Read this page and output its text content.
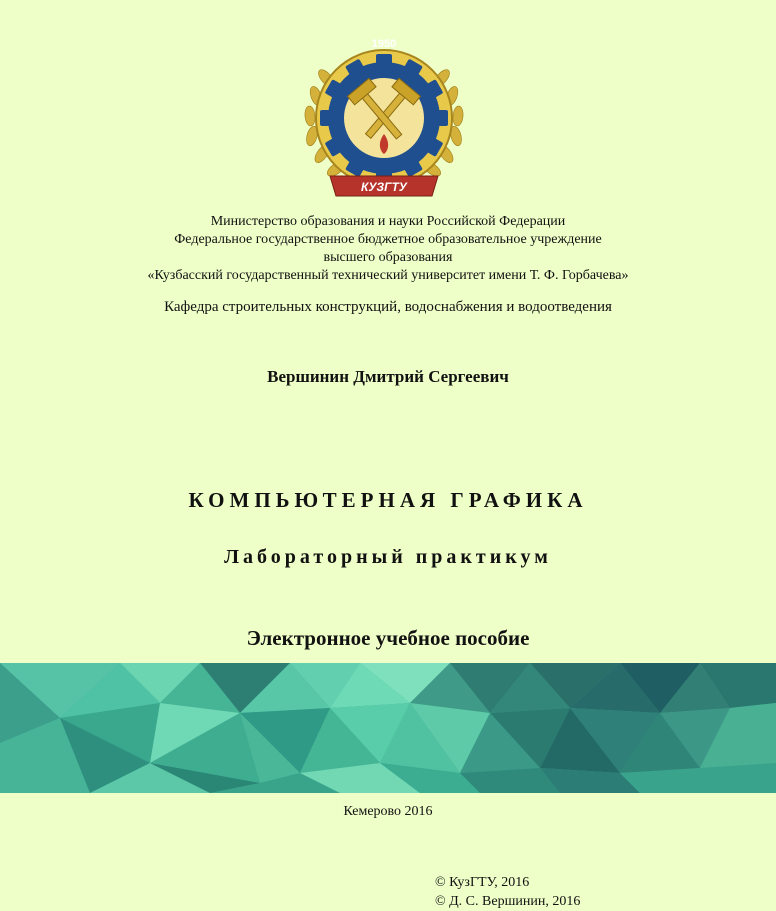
1950
КУЗГТУ
Министерство образования и науки Российской Федерации
Федеральное государственное бюджетное образовательное учреждение
высшего образования
«Кузбасский государственный технический университет имени Т. Ф. Горбачева»
Кафедра строительных конструкций, водоснабжения и водоотведения
Вершинин Дмитрий Сергеевич
КОМПЬЮТЕРНАЯ ГРАФИКА
Лабораторный практикум
Электронное учебное пособие
Кемерово 2016
© КузГТУ, 2016
© Д. С. Вершинин, 2016
